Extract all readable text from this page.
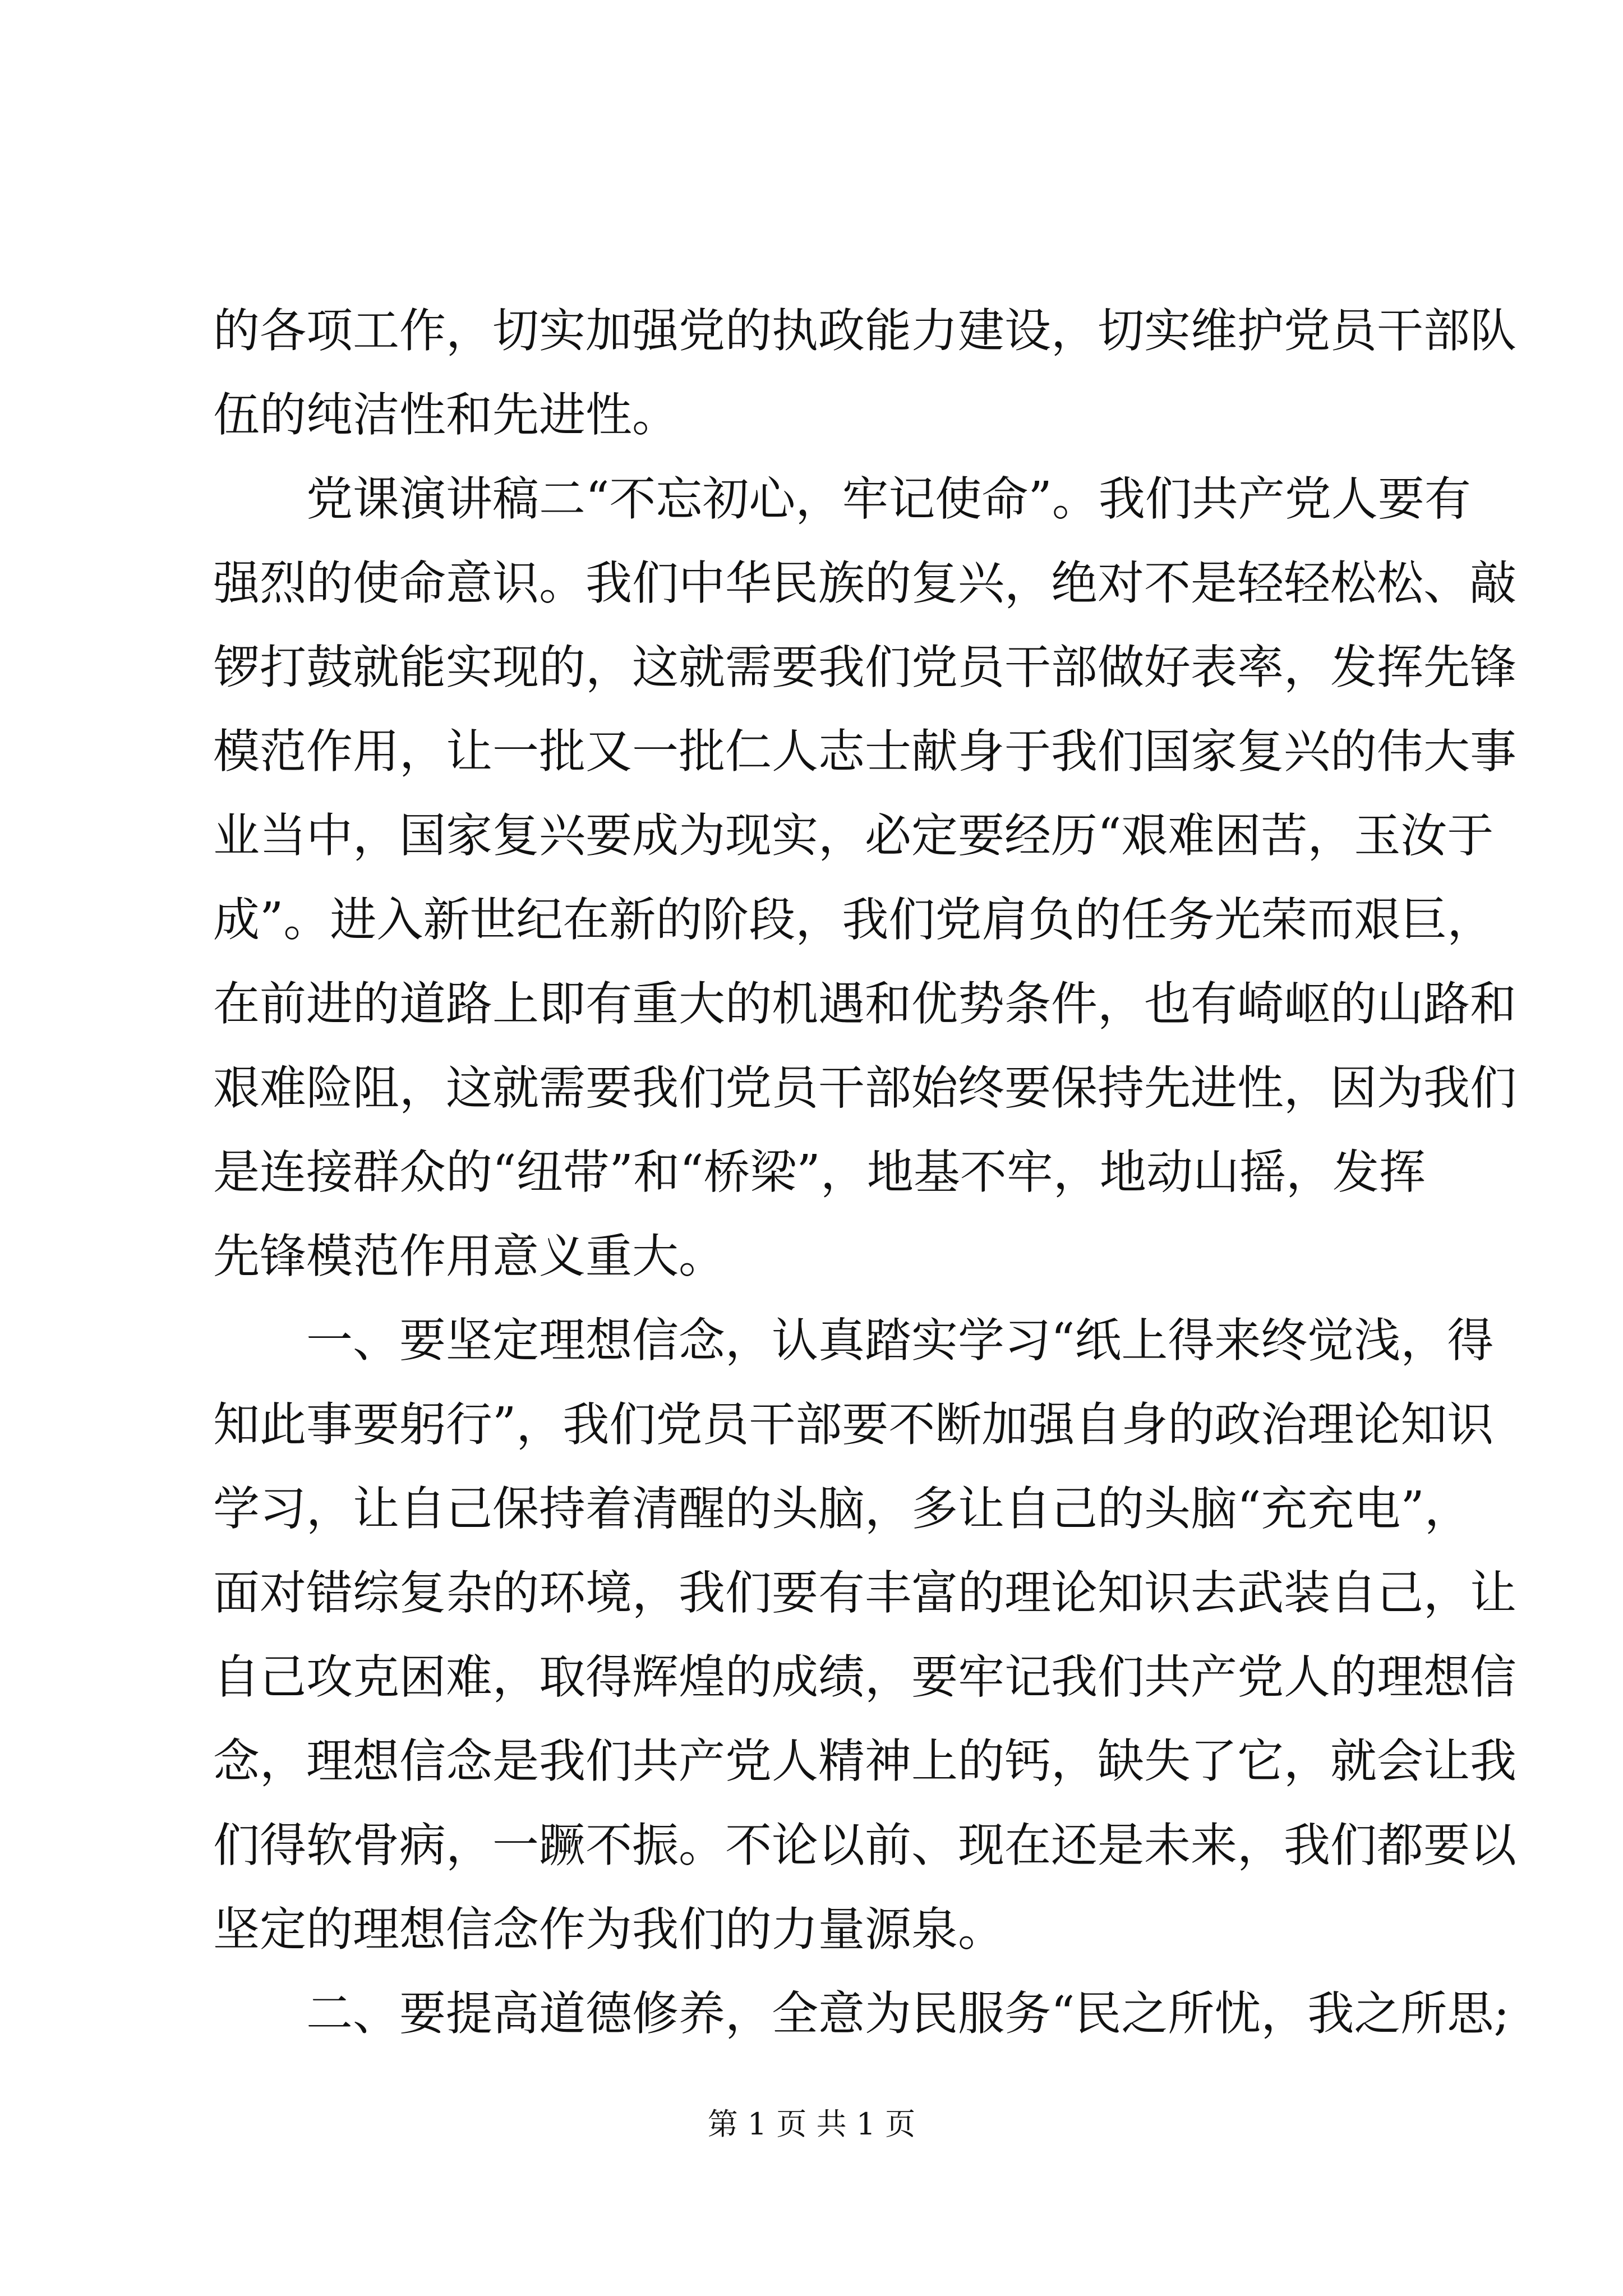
的各项工作，切实加强党的执政能力建设，切实维护党员干部队
伍的纯洁性和先进性。
党课演讲稿二“不忘初心，牢记使命”。我们共产党人要有
强烈的使命意识。我们中华民族的复兴，绝对不是轻轻松松、敲
锣打鼓就能实现的，这就需要我们党员干部做好表率，发挥先锋
模范作用，让一批又一批仁人志士献身于我们国家复兴的伟大事
业当中，国家复兴要成为现实，必定要经历“艰难困苦，玉汝于
成”。进入新世纪在新的阶段，我们党肩负的任务光荣而艰巨，
在前进的道路上即有重大的机遇和优势条件，也有崎岖的山路和
艰难险阻，这就需要我们党员干部始终要保持先进性，因为我们
是连接群众的“纽带”和“桥梁”，地基不牢，地动山摇，发挥
先锋模范作用意义重大。
一、要坚定理想信念，认真踏实学习“纸上得来终觉浅，得
知此事要躬行”，我们党员干部要不断加强自身的政治理论知识
学习，让自己保持着清醒的头脑，多让自己的头脑“充充电”，
面对错综复杂的环境，我们要有丰富的理论知识去武装自己，让
自己攻克困难，取得辉煌的成绩，要牢记我们共产党人的理想信
念，理想信念是我们共产党人精神上的钙，缺失了它，就会让我
们得软骨病，一蹶不振。不论以前、现在还是未来，我们都要以
坚定的理想信念作为我们的力量源泉。
二、要提高道德修养，全意为民服务“民之所忧，我之所思;
第 1 页 共 1 页
